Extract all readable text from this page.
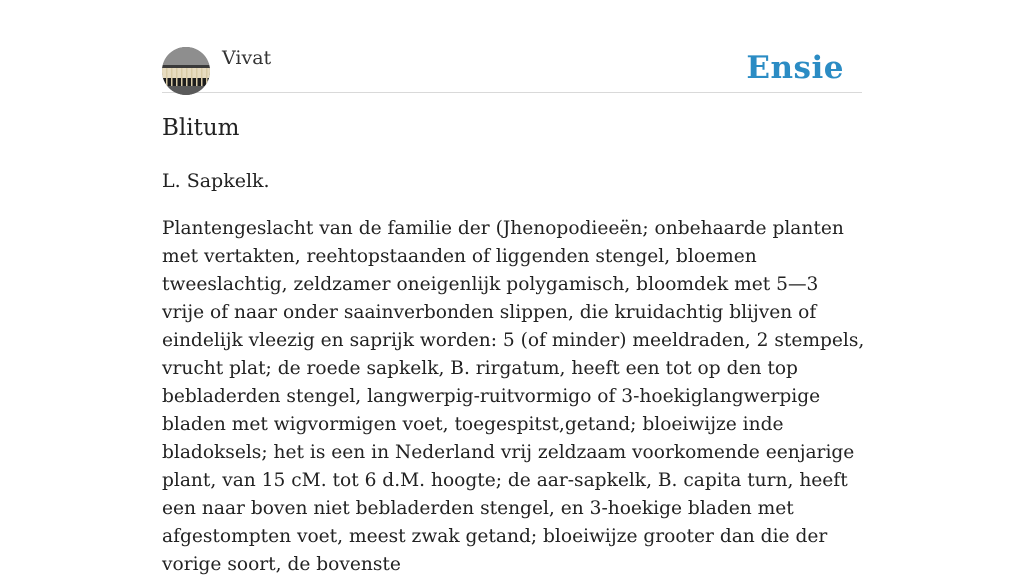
Vivat	Ensie
Blitum

L. Sapkelk.

Plantengeslacht van de familie der (Jhenopodieeën; onbehaarde planten met vertakten, reehtopstaanden of liggenden stengel, bloemen tweeslachtig, zeldzamer oneigenlijk polygamisch, bloomdek met 5—3 vrije of naar onder saainverbonden slippen, die kruidachtig blijven of eindelijk vleezig en saprijk worden: 5 (of minder) meeldraden, 2 stempels, vrucht plat; de roede sapkelk, B. rirgatum, heeft een tot op den top bebladerden stengel, langwerpig-ruitvormigo of 3-hoekiglangwerpige bladen met wigvormigen voet, toegespitst,getand; bloeiwijze inde bladoksels; het is een in Nederland vrij zeldzaam voorkomende eenjarige plant, van 15 cM. tot 6 d.M. hoogte; de aar-sapkelk, B. capita turn, heeft een naar boven niet bebladerden stengel, en 3-hoekige bladen met afgestompten voet, meest zwak getand; bloeiwijze grooter dan die der vorige soort, de bovenste
